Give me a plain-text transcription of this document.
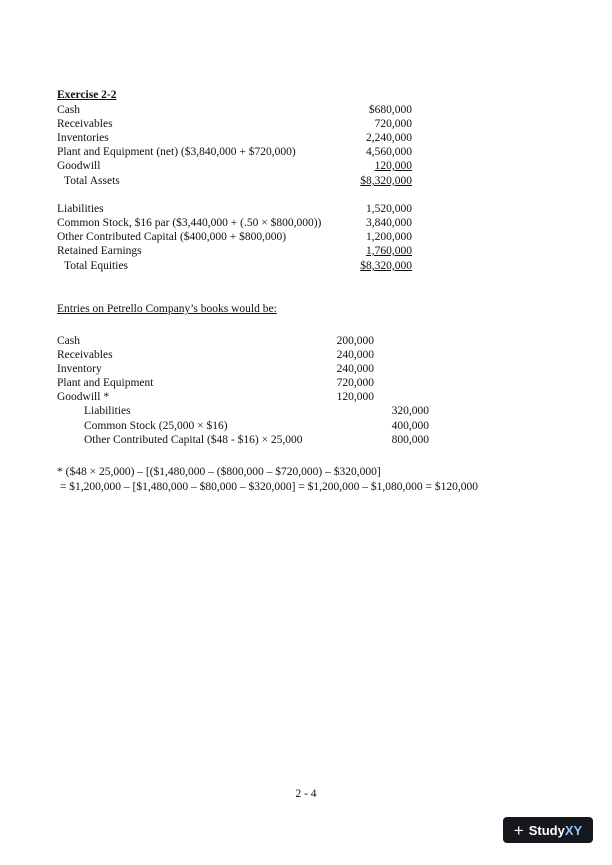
Exercise 2-2
Cash	$680,000
Receivables	720,000
Inventories	2,240,000
Plant and Equipment (net) ($3,840,000 + $720,000)	4,560,000
Goodwill	120,000
Total Assets	$8,320,000
Liabilities	1,520,000
Common Stock, $16 par ($3,440,000 + (.50 × $800,000))	3,840,000
Other Contributed Capital ($400,000 + $800,000)	1,200,000
Retained Earnings	1,760,000
Total Equities	$8,320,000
Entries on Petrello Company’s books would be:
Cash	200,000
Receivables	240,000
Inventory	240,000
Plant and Equipment	720,000
Goodwill *	120,000
Liabilities	320,000
Common Stock (25,000 × $16)	400,000
Other Contributed Capital ($48 - $16) × 25,000	800,000
* ($48 × 25,000) – [($1,480,000 – ($800,000 – $720,000) – $320,000]
= $1,200,000 – [$1,480,000 – $80,000 – $320,000] = $1,200,000 – $1,080,000 = $120,000
2 - 4
+ Study XY
